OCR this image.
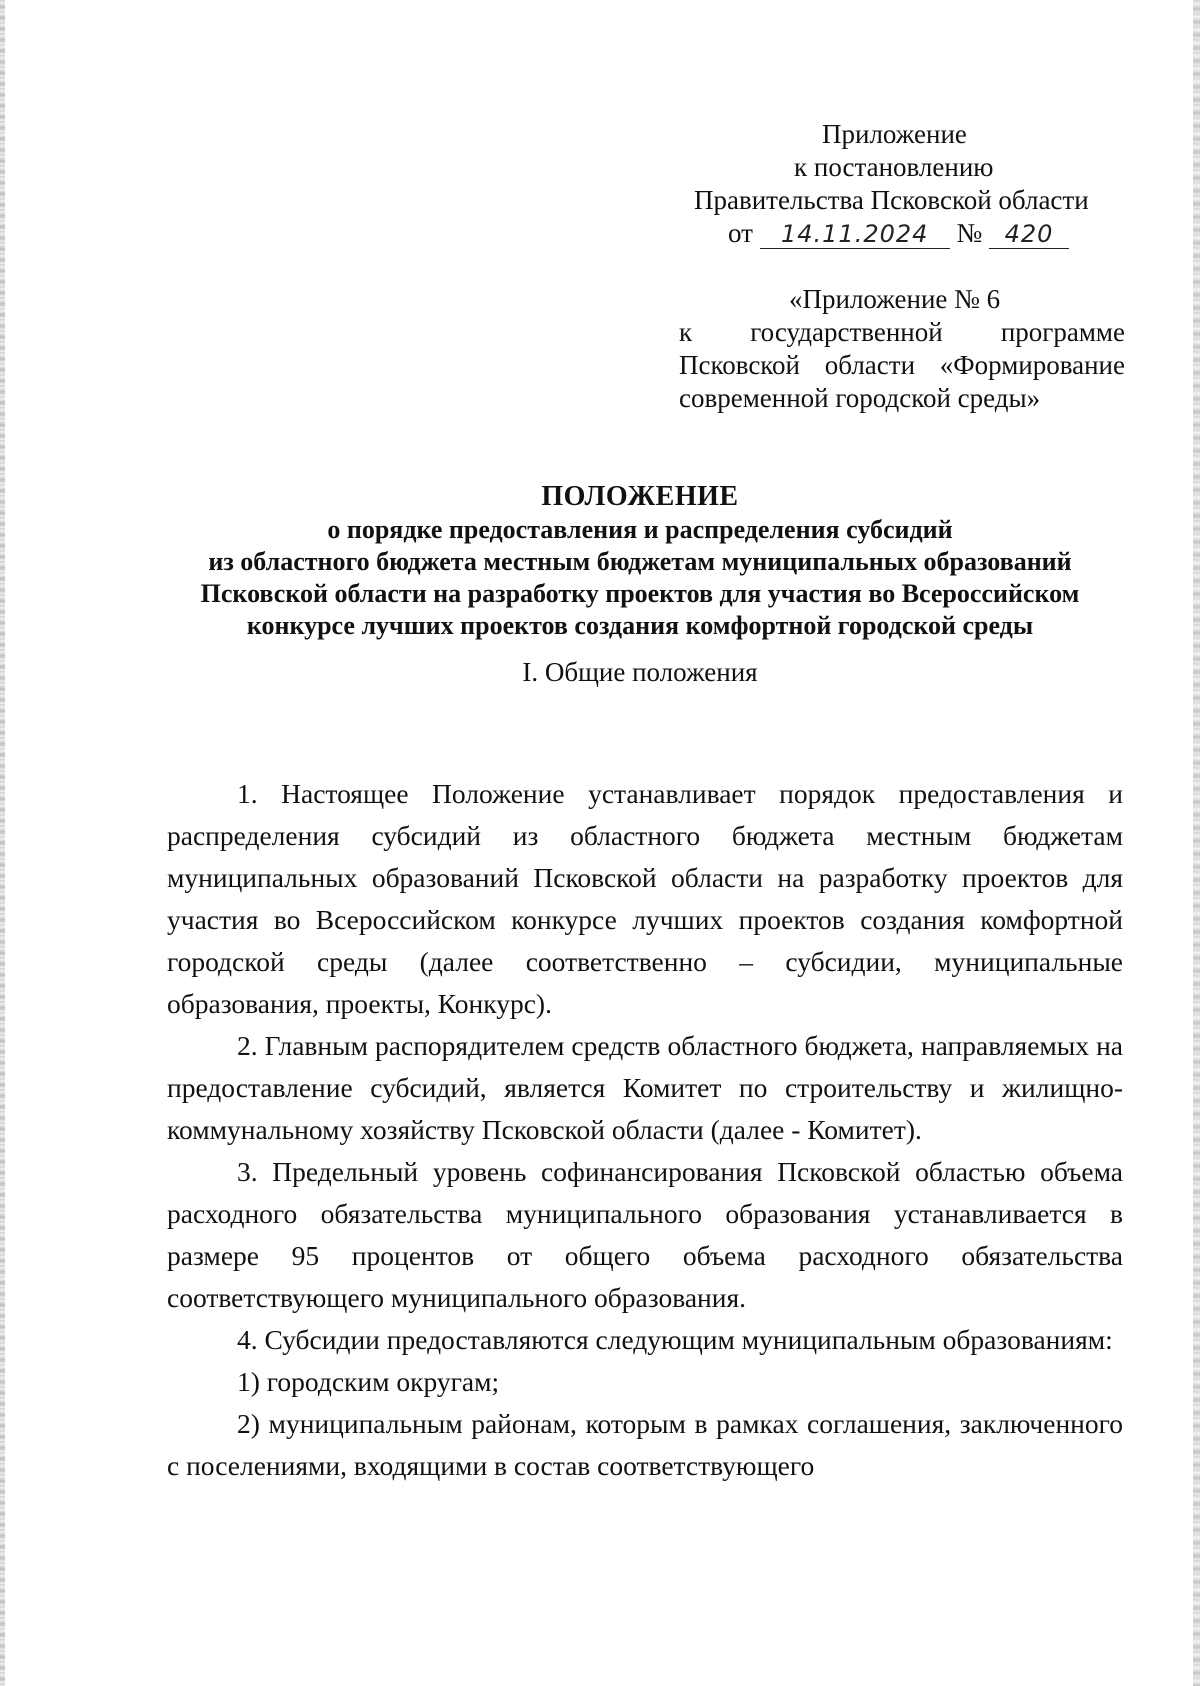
Приложение
к постановлению
Правительства Псковской области
от 14.11.2024 № 420
«Приложение № 6
к государственной программе Псковской области «Формирование современной городской среды»
ПОЛОЖЕНИЕ
о порядке предоставления и распределения субсидий
из областного бюджета местным бюджетам муниципальных образований
Псковской области на разработку проектов для участия во Всероссийском
конкурсе лучших проектов создания комфортной городской среды
I. Общие положения

1. Настоящее Положение устанавливает порядок предоставления и распределения субсидий из областного бюджета местным бюджетам муниципальных образований Псковской области на разработку проектов для участия во Всероссийском конкурсе лучших проектов создания комфортной городской среды (далее соответственно – субсидии, муниципальные образования, проекты, Конкурс).

2. Главным распорядителем средств областного бюджета, направляемых на предоставление субсидий, является Комитет по строительству и жилищно-коммунальному хозяйству Псковской области (далее - Комитет).

3. Предельный уровень софинансирования Псковской областью объема расходного обязательства муниципального образования устанавливается в размере 95 процентов от общего объема расходного обязательства соответствующего муниципального образования.

4. Субсидии предоставляются следующим муниципальным образованиям:

1) городским округам;

2) муниципальным районам, которым в рамках соглашения, заключенного с поселениями, входящими в состав соответствующего
